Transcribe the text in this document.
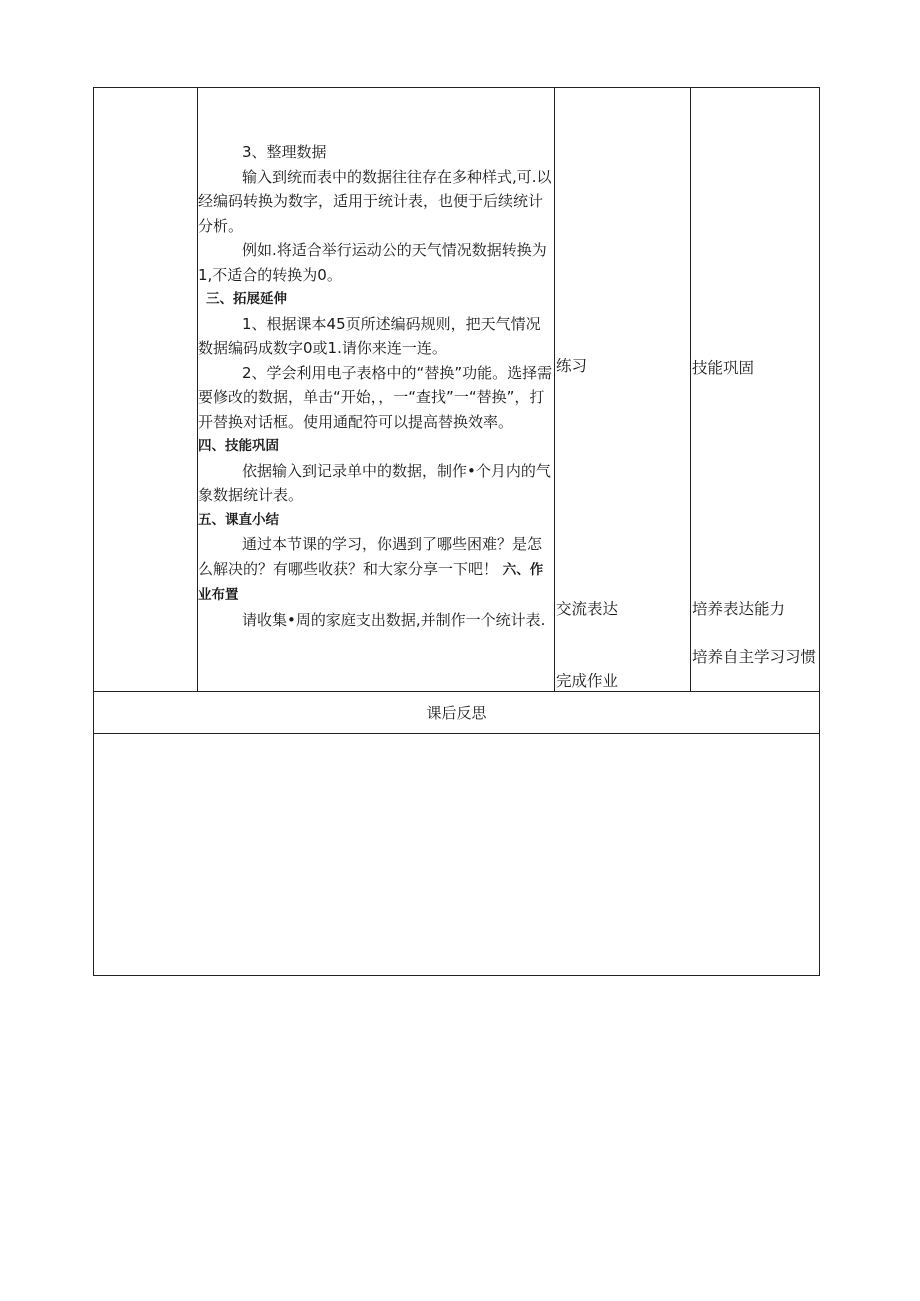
3、整理数据

输入到统而表中的数据往往存在多种样式,可.以经编码转换为数字，适用于统计表，也便于后续统计分析。

例如.将适合举行运动公的天气情况数据转换为1,不适合的转换为0。

三、拓展延伸

1、根据课本45页所述编码规则，把天气情况数据编码成数字0或1.请你来连一连。

2、学会利用电子表格中的“替换”功能。选择需要修改的数据，单击“开始，，一“查找”一“替换”，打开替换对话框。使用通配符可以提高替换效率。

四、技能巩固

依据输入到记录单中的数据，制作•个月内的气象数据统计表。

五、课直小结

通过本节课的学习，你遇到了哪些困难？是怎么解决的？有哪些收获？和大家分享一下吧！ 六、作业布置

请收集•周的家庭支出数据,并制作一个统计表.

练习
交流表达
完成作业
技能巩固
培养表达能力
培养自主学习习惯
课后反思
